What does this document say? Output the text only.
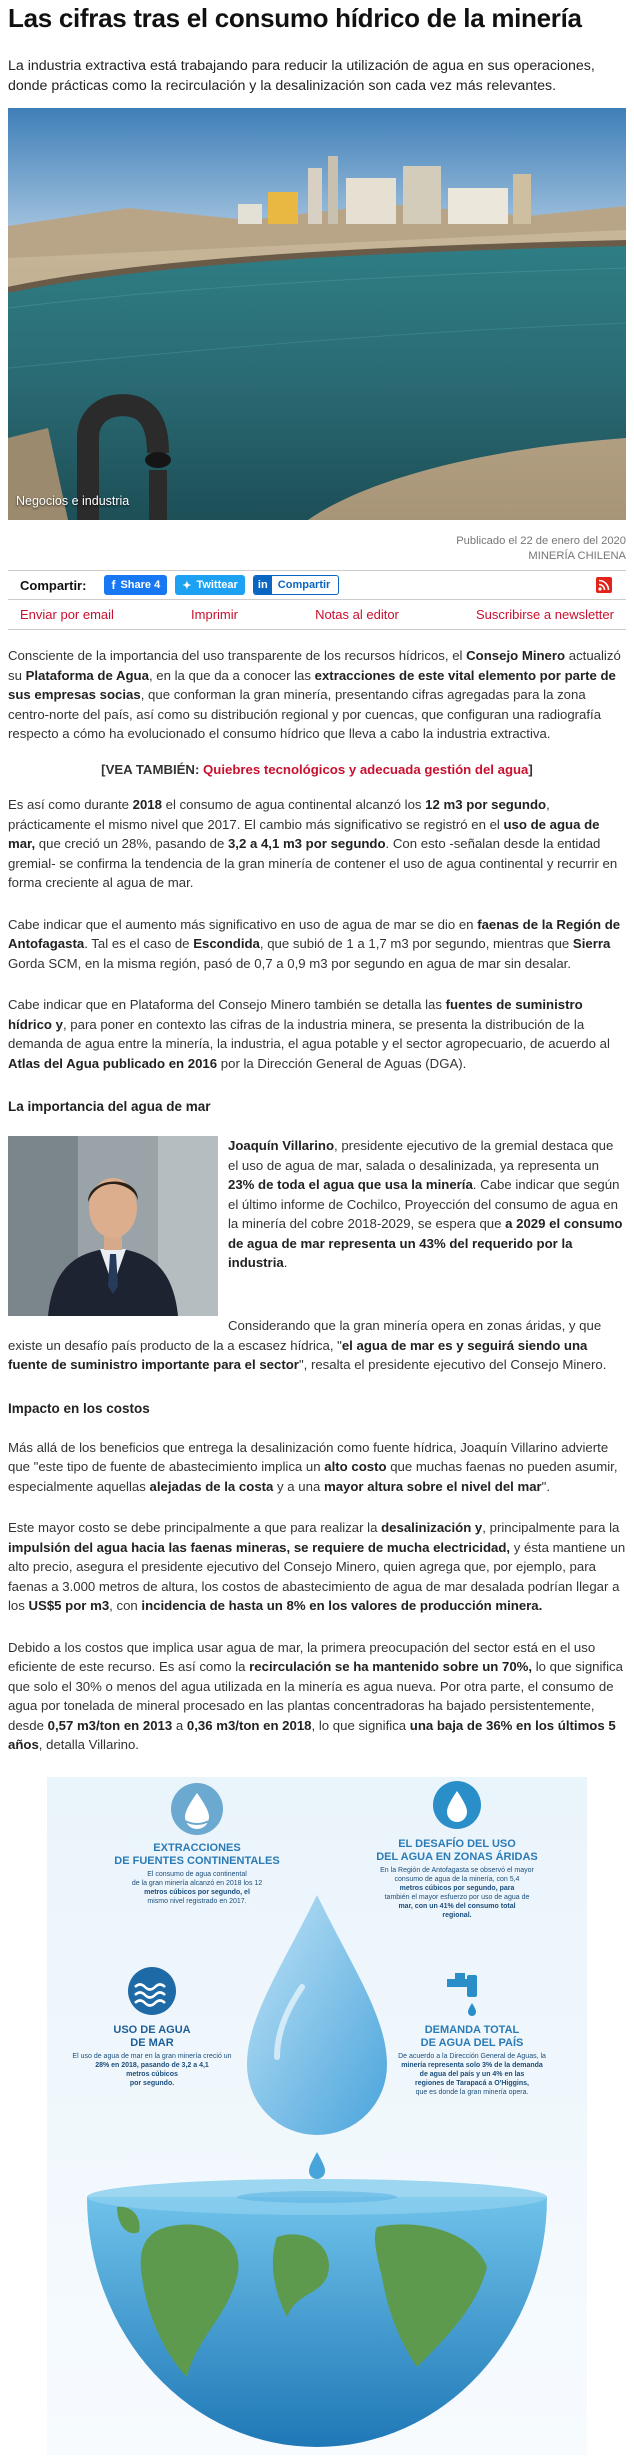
Las cifras tras el consumo hídrico de la minería

La industria extractiva está trabajando para reducir la utilización de agua en sus operaciones, donde prácticas como la recirculación y la desalinización son cada vez más relevantes.

Negocios e industria
Publicado el 22 de enero del 2020
MINERÍA CHILENA
Compartir: f Share 4 ✦ Twittear	in Compartir
Enviar por email	Imprimir	Notas al editor	Suscribirse a newsletter

Consciente de la importancia del uso transparente de los recursos hídricos, el Consejo Minero actualizó su Plataforma de Agua, en la que da a conocer las extracciones de este vital elemento por parte de sus empresas socias, que conforman la gran minería, presentando cifras agregadas para la zona centro-norte del país, así como su distribución regional y por cuencas, que configuran una radiografía respecto a cómo ha evolucionado el consumo hídrico que lleva a cabo la industria extractiva.

[VEA TAMBIÉN: Quiebres tecnológicos y adecuada gestión del agua]

Es así como durante 2018 el consumo de agua continental alcanzó los 12 m3 por segundo, prácticamente el mismo nivel que 2017. El cambio más significativo se registró en el uso de agua de mar, que creció un 28%, pasando de 3,2 a 4,1 m3 por segundo. Con esto -señalan desde la entidad gremial- se confirma la tendencia de la gran minería de contener el uso de agua continental y recurrir en forma creciente al agua de mar.

Cabe indicar que el aumento más significativo en uso de agua de mar se dio en faenas de la Región de Antofagasta. Tal es el caso de Escondida, que subió de 1 a 1,7 m3 por segundo, mientras que Sierra Gorda SCM, en la misma región, pasó de 0,7 a 0,9 m3 por segundo en agua de mar sin desalar.

Cabe indicar que en Plataforma del Consejo Minero también se detalla las fuentes de suministro hídrico y, para poner en contexto las cifras de la industria minera, se presenta la distribución de la demanda de agua entre la minería, la industria, el agua potable y el sector agropecuario, de acuerdo al Atlas del Agua publicado en 2016 por la Dirección General de Aguas (DGA).

La importancia del agua de mar
Joaquín Villarino, presidente ejecutivo de la gremial destaca que el uso de agua de mar, salada o desalinizada, ya representa un 23% de toda el agua que usa la minería. Cabe indicar que según el último informe de Cochilco, Proyección del consumo de agua en la minería del cobre 2018-2029, se espera que a 2029 el consumo de agua de mar representa un 43% del requerido por la industria.

Considerando que la gran minería opera en zonas áridas, y que existe un desafío país producto de la a escasez hídrica, "el agua de mar es y seguirá siendo una fuente de suministro importante para el sector", resalta el presidente ejecutivo del Consejo Minero.

Impacto en los costos

Más allá de los beneficios que entrega la desalinización como fuente hídrica, Joaquín Villarino advierte que "este tipo de fuente de abastecimiento implica un alto costo que muchas faenas no pueden asumir, especialmente aquellas alejadas de la costa y a una mayor altura sobre el nivel del mar".

Este mayor costo se debe principalmente a que para realizar la desalinización y, principalmente para la impulsión del agua hacia las faenas mineras, se requiere de mucha electricidad, y ésta mantiene un alto precio, asegura el presidente ejecutivo del Consejo Minero, quien agrega que, por ejemplo, para faenas a 3.000 metros de altura, los costos de abastecimiento de agua de mar desalada podrían llegar a los US$5 por m3, con incidencia de hasta un 8% en los valores de producción minera.

Debido a los costos que implica usar agua de mar, la primera preocupación del sector está en el uso eficiente de este recurso. Es así como la recirculación se ha mantenido sobre un 70%, lo que significa que solo el 30% o menos del agua utilizada en la minería es agua nueva. Por otra parte, el consumo de agua por tonelada de mineral procesado en las plantas concentradoras ha bajado persistentemente, desde 0,57 m3/ton en 2013 a 0,36 m3/ton en 2018, lo que significa una baja de 36% en los últimos 5 años, detalla Villarino.

EXTRACCIONES
DE FUENTES CONTINENTALES
El consumo de agua continental
de la gran minería alcanzó en 2018 los 12
metros cúbicos por segundo, el
mismo nivel registrado en 2017.
EL DESAFÍO DEL USO
DEL AGUA EN ZONAS ÁRIDAS
En la Región de Antofagasta se observó el mayor
consumo de agua de la minería, con 5,4
metros cúbicos por segundo, para
también el mayor esfuerzo por uso de agua de
mar, con un 41% del consumo total
regional.
USO DE AGUA
DE MAR
El uso de agua de mar en la gran minería creció un
28% en 2018, pasando de 3,2 a 4,1
metros cúbicos
por segundo.
DEMANDA TOTAL
DE AGUA DEL PAÍS
De acuerdo a la Dirección General de Aguas, la
minería representa solo 3% de la demanda
de agua del país y un 4% en las
regiones de Tarapacá a O'Higgins,
que es donde la gran minería opera.
